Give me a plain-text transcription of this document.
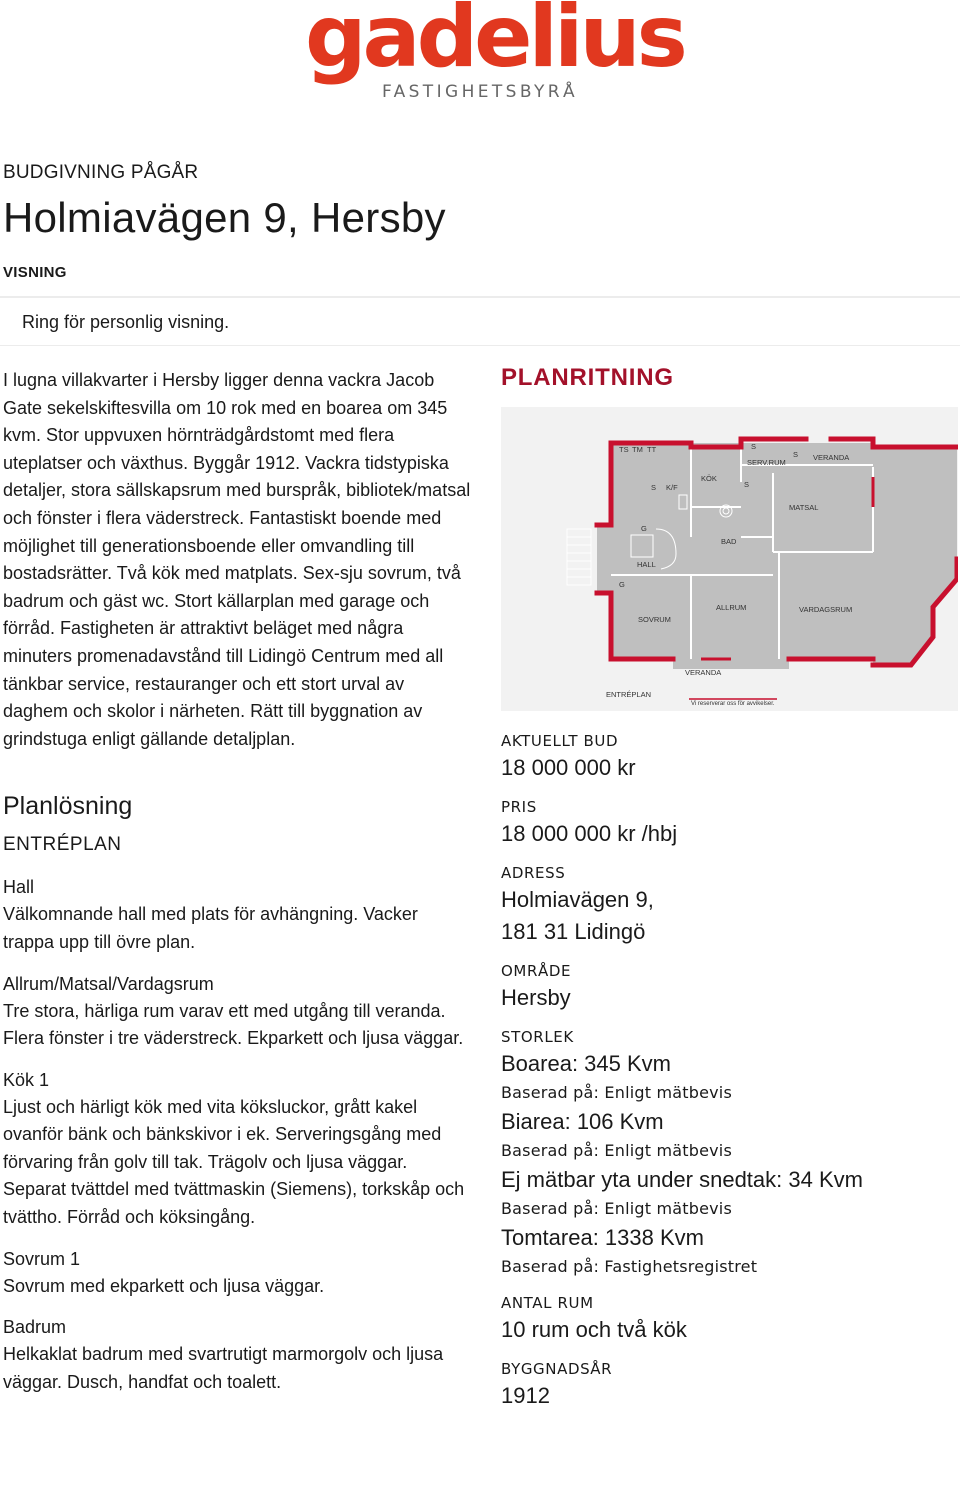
gadelius
FASTIGHETSBYRÅ
BUDGIVNING PÅGÅR
Holmiavägen 9, Hersby
VISNING
Ring för personlig visning.

I lugna villakvarter i Hersby ligger denna vackra Jacob Gate sekelskiftesvilla om 10 rok med en boarea om 345 kvm. Stor uppvuxen hörnträdgårdstomt med flera uteplatser och växthus. Byggår 1912. Vackra tidstypiska detaljer, stora sällskapsrum med burspråk, bibliotek/matsal och fönster i flera väderstreck. Fantastiskt boende med möjlighet till generationsboende eller omvandling till bostadsrätter. Två kök med matplats. Sex-sju sovrum, två badrum och gäst wc. Stort källarplan med garage och förråd. Fastigheten är attraktivt beläget med några minuters promenadavstånd till Lidingö Centrum med all tänkbar service, restauranger och ett stort urval av daghem och skolor i närheten. Rätt till byggnation av grindstuga enligt gällande detaljplan.

Planlösning
ENTRÉPLAN
Hall

Välkomnande hall med plats för avhängning. Vacker trappa upp till övre plan.

Allrum/Matsal/Vardagsrum

Tre stora, härliga rum varav ett med utgång till veranda. Flera fönster i tre väderstreck. Ekparkett och ljusa väggar.

Kök 1

Ljust och härligt kök med vita köksluckor, grått kakel ovanför bänk och bänkskivor i ek. Serveringsgång med förvaring från golv till tak. Trägolv och ljusa väggar. Separat tvättdel med tvättmaskin (Siemens), torkskåp och tvättho. Förråd och köksingång.

Sovrum 1

Sovrum med ekparkett och ljusa väggar.

Badrum

Helkaklat badrum med svartrutigt marmorgolv och ljusa väggar. Dusch, handfat och toalett.

PLANRITNING
TS TM TT	S
SERV.RUM
S VERANDA
KÖK
S K/F	S
MATSAL
G
BAD
HALL
G
SOVRUM
ALLRUM	VARDAGSRUM
VERANDA
ENTRÉPLAN
Vi reserverar oss för avvikelser.
AKTUELLT BUD
18 000 000 kr
PRIS
18 000 000 kr /hbj
ADRESS
Holmiavägen 9,
181 31 Lidingö
OMRÅDE
Hersby
STORLEK
Boarea: 345 Kvm
Baserad på: Enligt mätbevis
Biarea: 106 Kvm
Baserad på: Enligt mätbevis
Ej mätbar yta under snedtak: 34 Kvm
Baserad på: Enligt mätbevis
Tomtarea: 1338 Kvm
Baserad på: Fastighetsregistret
ANTAL RUM
10 rum och två kök
BYGGNADSÅR
1912
